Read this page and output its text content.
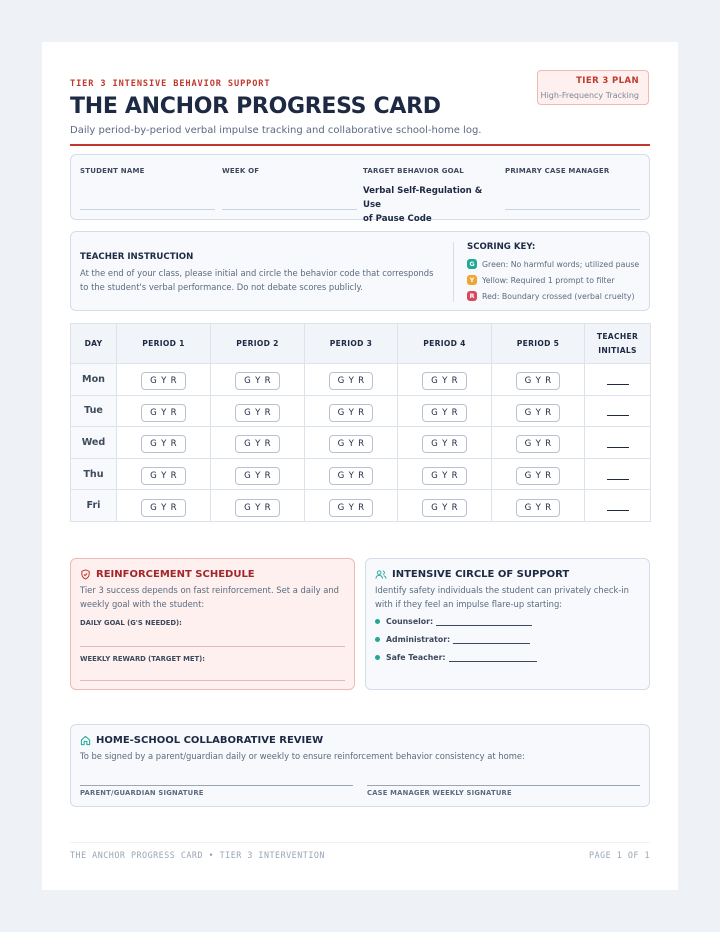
TIER 3 INTENSIVE BEHAVIOR SUPPORT
THE ANCHOR PROGRESS CARD
Daily period-by-period verbal impulse tracking and collaborative school-home log.
TIER 3 PLAN
High-Frequency Tracking
STUDENT NAME	WEEK OF	TARGET BEHAVIOR GOAL
Verbal Self-Regulation & Use
of Pause Code
PRIMARY CASE MANAGER
TEACHER INSTRUCTION
At the end of your class, please initial and circle the behavior code that corresponds to the student's verbal performance. Do not debate scores publicly.
SCORING KEY:
G Green: No harmful words; utilized pause
Y Yellow: Required 1 prompt to filter
R Red: Boundary crossed (verbal cruelty)
DAY	PERIOD 1	PERIOD 2	PERIOD 3	PERIOD 4	PERIOD 5	TEACHER
INITIALS

Mon	G Y R	G Y R	G Y R	G Y R	G Y R	
Tue	G Y R	G Y R	G Y R	G Y R	G Y R	
Wed	G Y R	G Y R	G Y R	G Y R	G Y R	
Thu	G Y R	G Y R	G Y R	G Y R	G Y R	
Fri	G Y R	G Y R	G Y R	G Y R	G Y R	
REINFORCEMENT SCHEDULE
Tier 3 success depends on fast reinforcement. Set a daily and weekly goal with the student:
DAILY GOAL (G'S NEEDED):
WEEKLY REWARD (TARGET MET):
INTENSIVE CIRCLE OF SUPPORT
Identify safety individuals the student can privately check-in with if they feel an impulse flare-up starting:
Counselor:
Administrator:
Safe Teacher:
HOME-SCHOOL COLLABORATIVE REVIEW
To be signed by a parent/guardian daily or weekly to ensure reinforcement behavior consistency at home:
PARENT/GUARDIAN SIGNATURE	CASE MANAGER WEEKLY SIGNATURE
THE ANCHOR PROGRESS CARD • TIER 3 INTERVENTION	PAGE 1 OF 1
